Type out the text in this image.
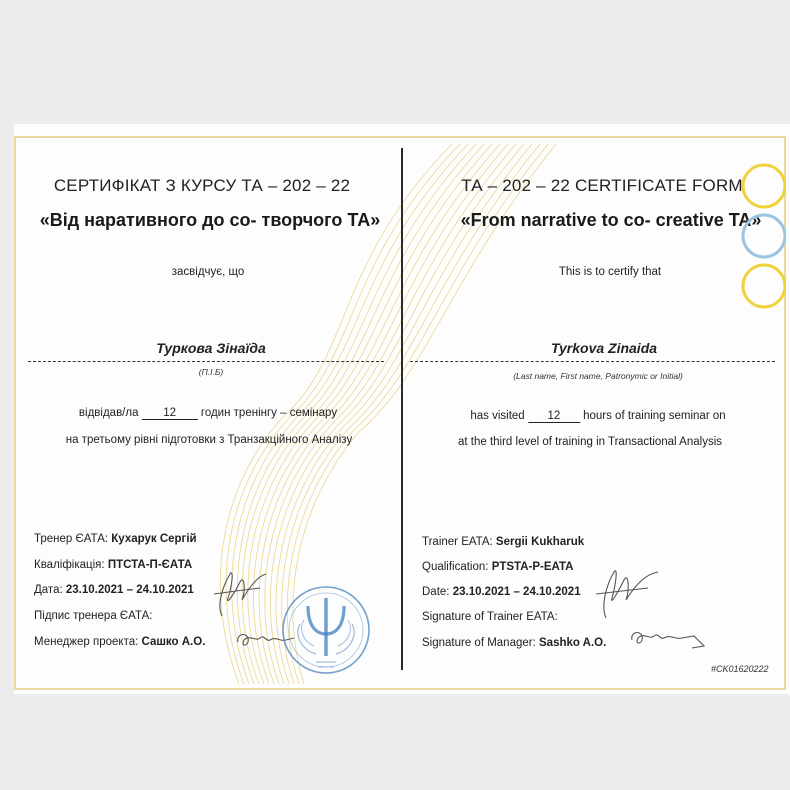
СЕРТИФІКАТ З КУРСУ ТА – 202 – 22
«Від наративного до со- творчого ТА»
засвідчує, що
Туркова Зінаїда
(П.І.Б)
відвідав/ла 12 годин тренінгу – семінару
на третьому рівні підготовки з Транзакційного Аналізу
Тренер ЄАТА: Кухарук Сергій
Кваліфікація: ПТСТА-П-ЄАТА
Дата: 23.10.2021 – 24.10.2021
Підпис тренера ЄАТА:
Менеджер проекта: Сашко А.О.
ТА – 202 – 22 CERTIFICATE FORM
«From narrative to co- creative TA»
This is to certify that
Tyrkova Zinaida
(Last name, First name, Patronymic or Initial)
has visited 12 hours of training seminar on
at the third level of training in Transactional Analysis
Trainer EATA: Sergii Kukharuk
Qualification: PTSTA-P-EATA
Date: 23.10.2021 – 24.10.2021
Signature of Trainer EATA:
Signature of Manager: Sashko A.O.
#CK01620222
